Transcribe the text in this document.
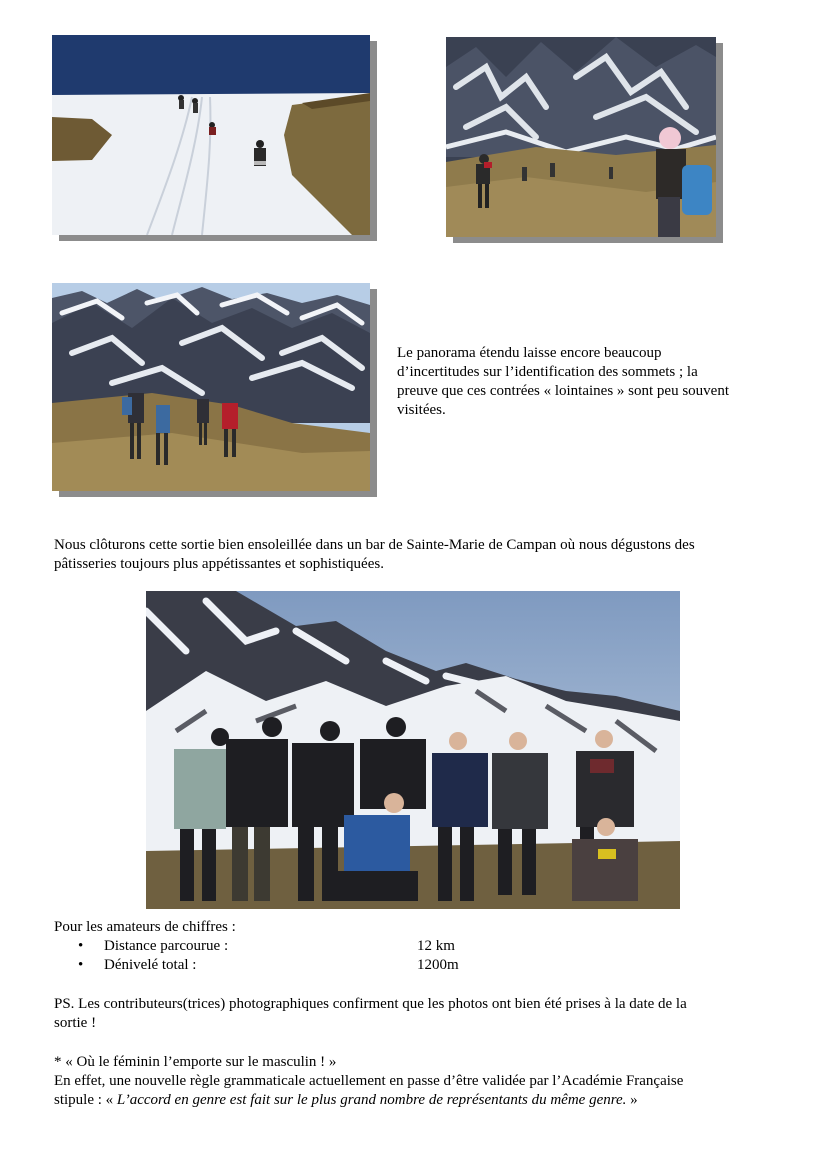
Le panorama étendu laisse encore beaucoup
d’incertitudes sur l’identification des sommets ; la
preuve que ces contrées « lointaines » sont peu souvent
visitées.
Nous clôturons cette sortie bien ensoleillée dans un bar de Sainte-Marie de Campan où nous dégustons des
pâtisseries toujours plus appétissantes et sophistiquées.
Pour les amateurs de chiffres :
• Distance parcourue :	12 km
• Dénivelé total :	1200m
PS. Les contributeurs(trices) photographiques confirment que les photos ont bien été prises à la date de la
sortie !
* « Où le féminin l’emporte sur le masculin ! »
En effet, une nouvelle règle grammaticale actuellement en passe d’être validée par l’Académie Française
stipule : « L’accord en genre est fait sur le plus grand nombre de représentants du même genre. »
